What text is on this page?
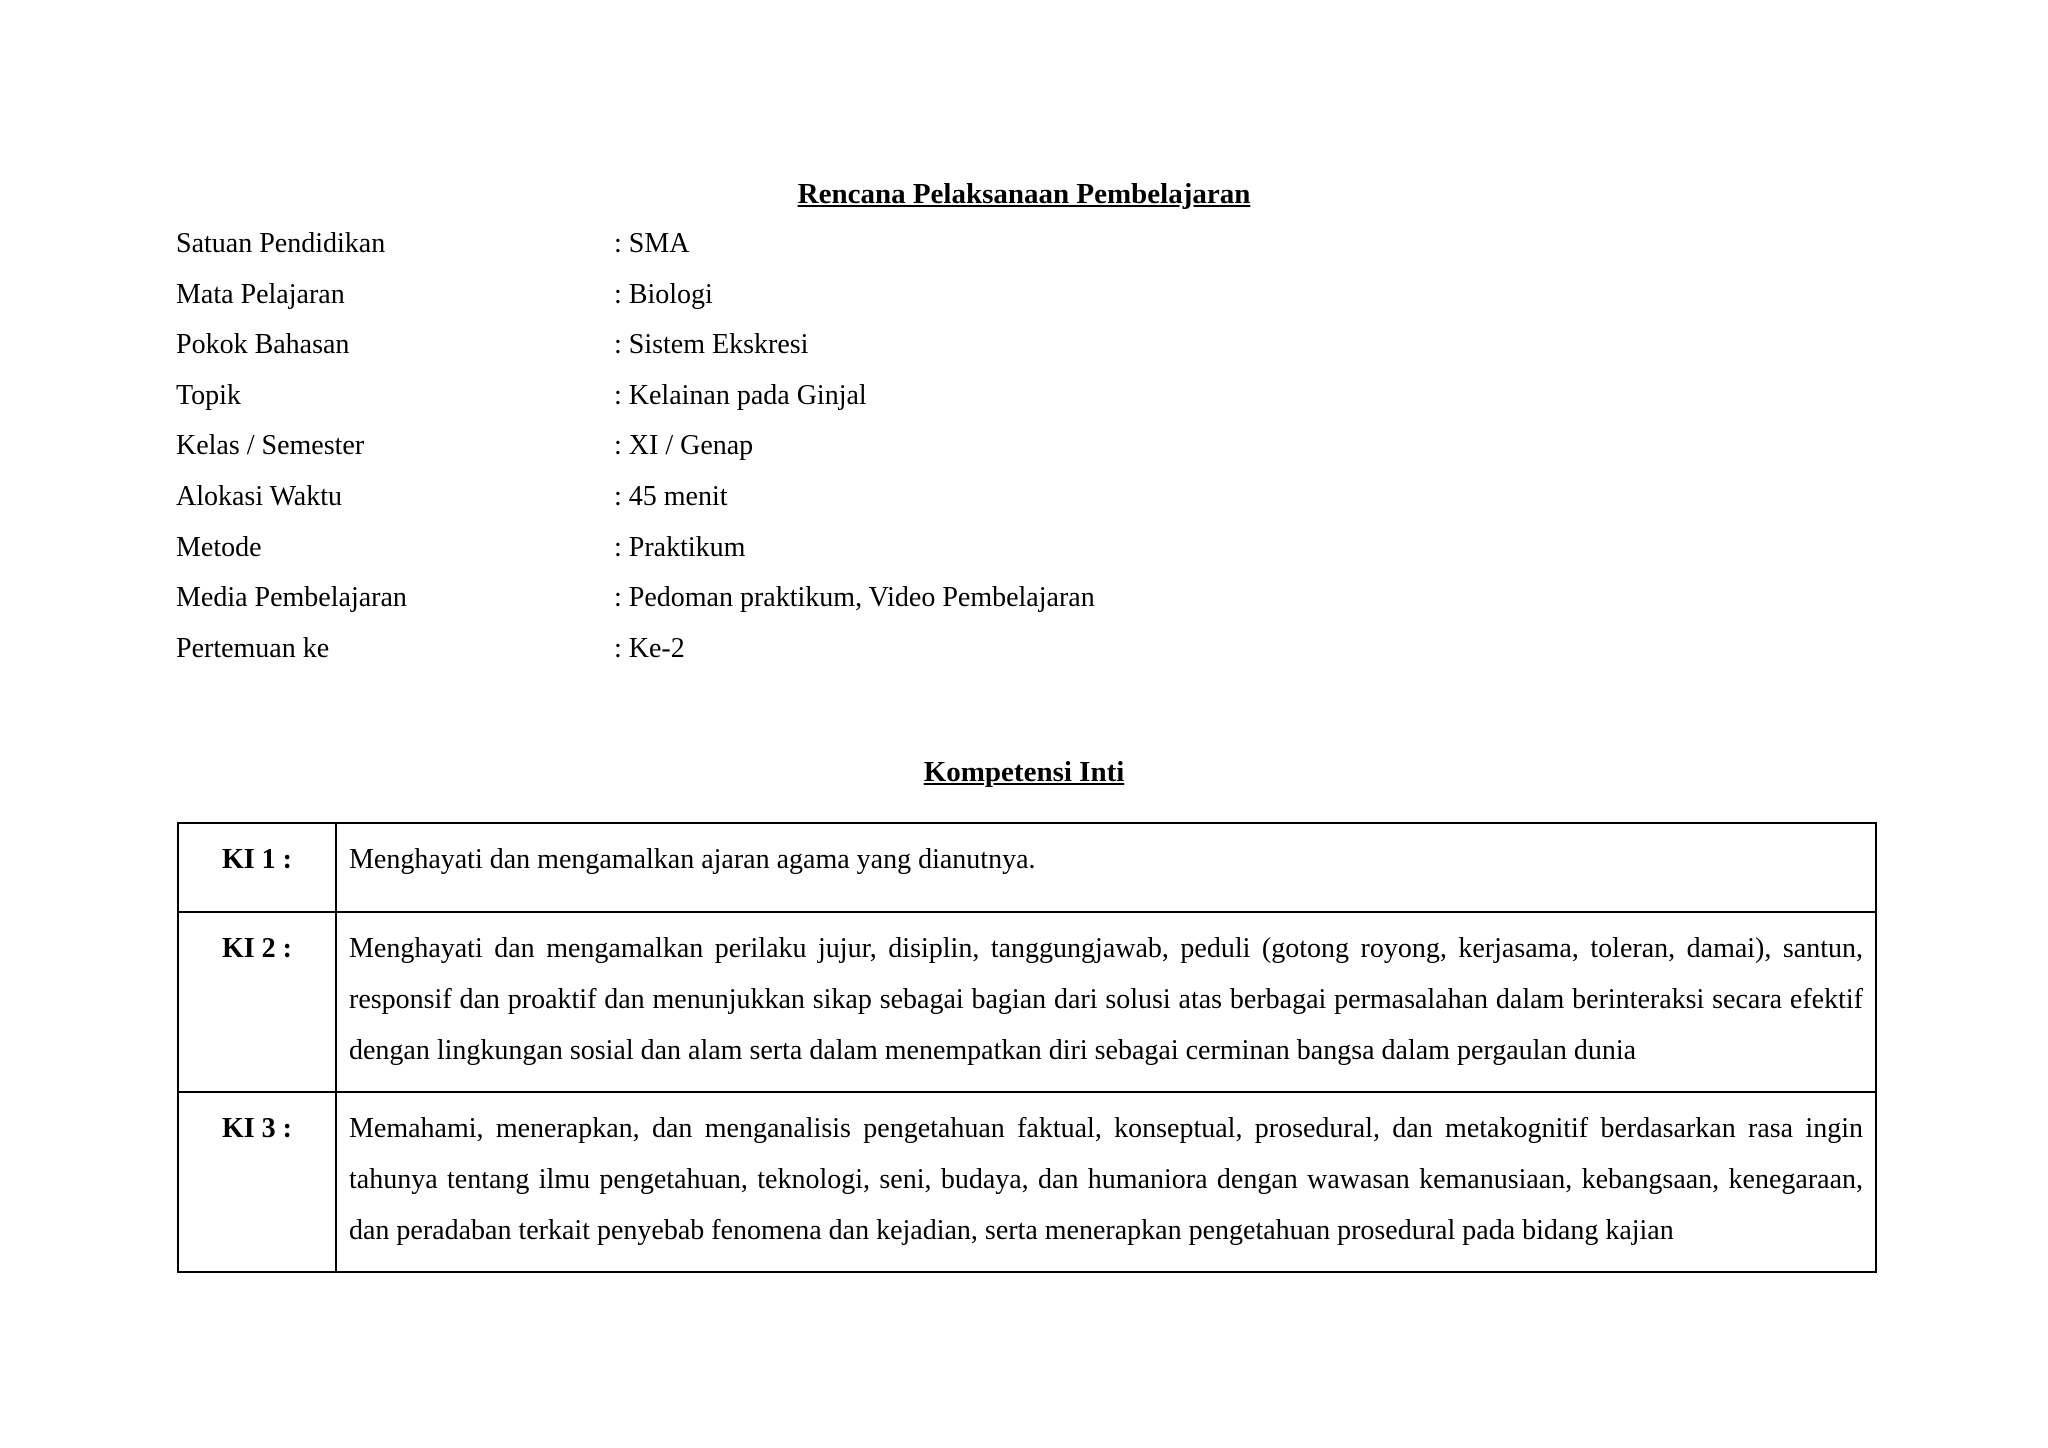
Rencana Pelaksanaan Pembelajaran
Satuan Pendidikan	: SMA
Mata Pelajaran	: Biologi
Pokok Bahasan	: Sistem Ekskresi
Topik	: Kelainan pada Ginjal
Kelas / Semester	: XI / Genap
Alokasi Waktu	: 45 menit
Metode	: Praktikum
Media Pembelajaran	: Pedoman praktikum, Video Pembelajaran
Pertemuan ke	: Ke-2
Kompetensi Inti
KI 1 :	Menghayati dan mengamalkan ajaran agama yang dianutnya.
KI 2 :	Menghayati dan mengamalkan perilaku jujur, disiplin, tanggungjawab, peduli (gotong royong, kerjasama, toleran, damai), santun, responsif dan proaktif dan menunjukkan sikap sebagai bagian dari solusi atas berbagai permasalahan dalam berinteraksi secara efektif dengan lingkungan sosial dan alam serta dalam menempatkan diri sebagai cerminan bangsa dalam pergaulan dunia
KI 3 :	Memahami, menerapkan, dan menganalisis pengetahuan faktual, konseptual, prosedural, dan metakognitif berdasarkan rasa ingin tahunya tentang ilmu pengetahuan, teknologi, seni, budaya, dan humaniora dengan wawasan kemanusiaan, kebangsaan, kenegaraan, dan peradaban terkait penyebab fenomena dan kejadian, serta menerapkan pengetahuan prosedural pada bidang kajian
